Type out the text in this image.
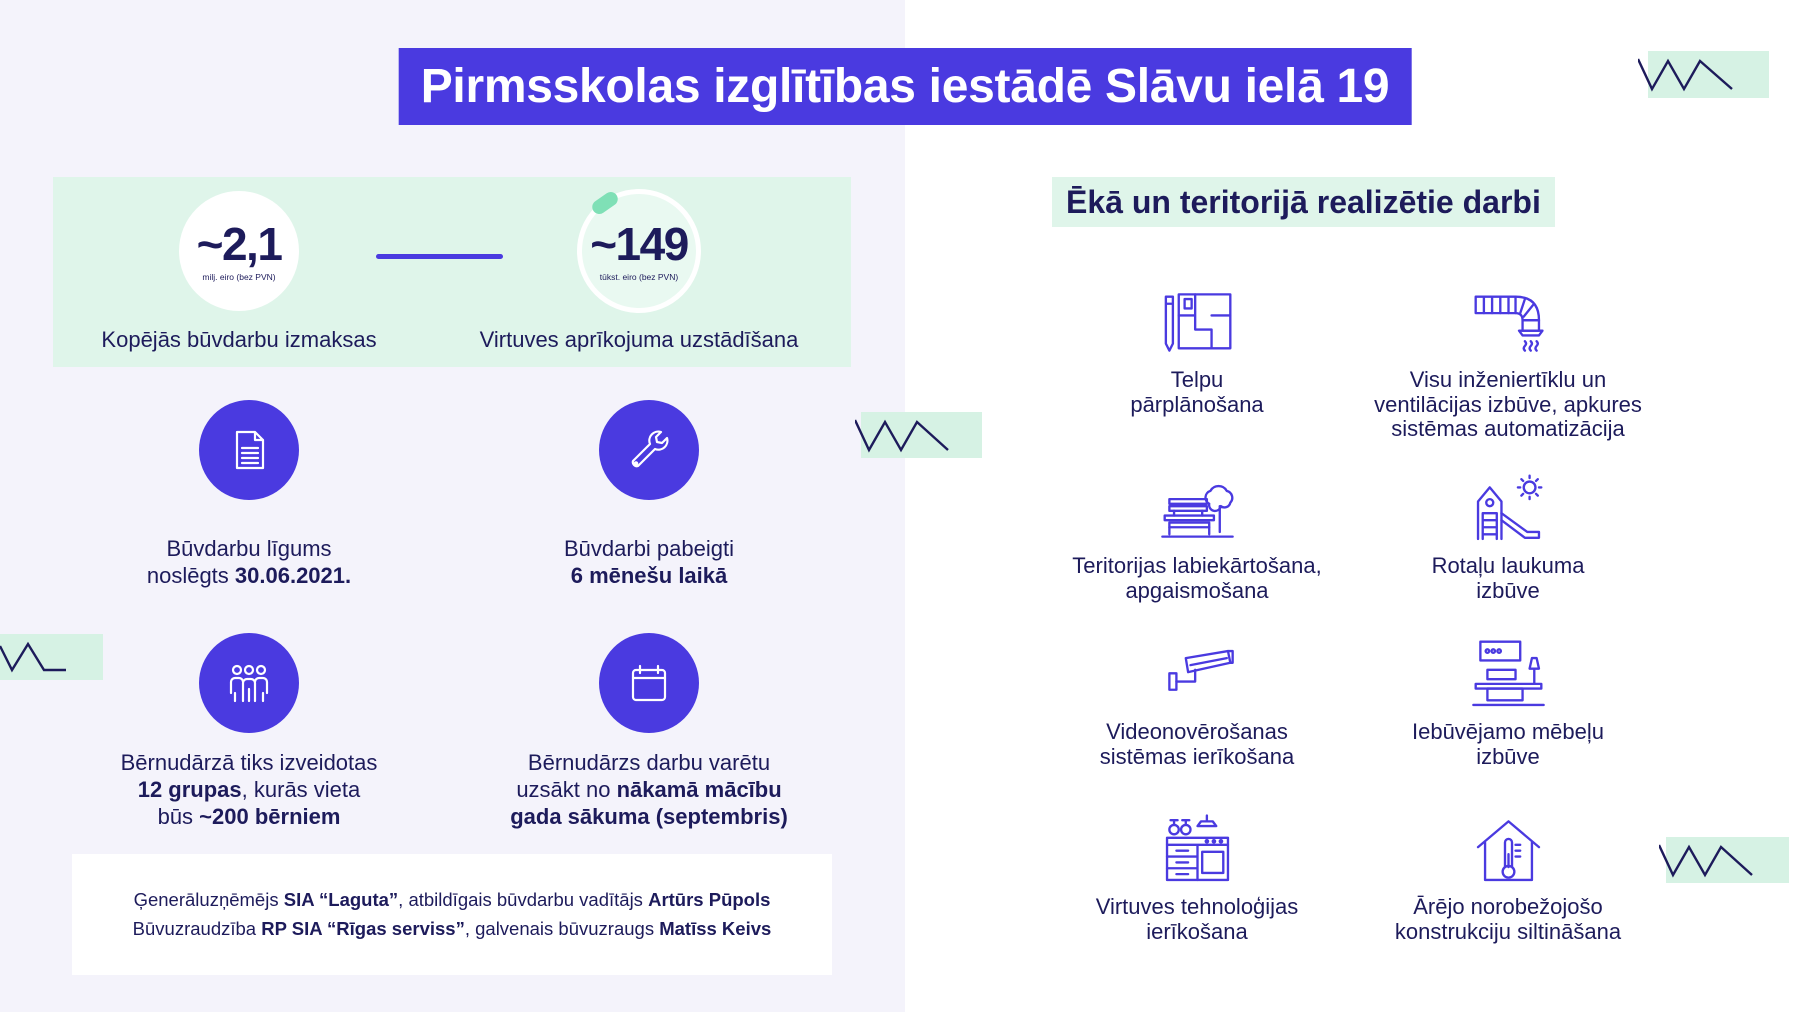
Pirmsskolas izglītības iestādē Slāvu ielā 19
~2,1
milj. eiro (bez PVN)
~149
tūkst. eiro (bez PVN)
Kopējās būvdarbu izmaksas	Virtuves aprīkojuma uzstādīšana
Būvdarbu līgums
noslēgts 30.06.2021.
Būvdarbi pabeigti
6 mēnešu laikā
Bērnudārzā tiks izveidotas
12 grupas, kurās vieta
būs ~200 bērniem
Bērnudārzs darbu varētu
uzsākt no nākamā mācību
gada sākuma (septembris)
Ģenerāluzņēmējs SIA “Laguta”, atbildīgais būvdarbu vadītājs Artūrs Pūpols
Būvuzraudzība RP SIA “Rīgas serviss”, galvenais būvuzraugs Matīss Keivs
Ēkā un teritorijā realizētie darbi
Telpu
pārplānošana
Visu inženiertīklu un
ventilācijas izbūve, apkures
sistēmas automatizācija
Teritorijas labiekārtošana,
apgaismošana
Rotaļu laukuma
izbūve
Videonovērošanas
sistēmas ierīkošana
Iebūvējamo mēbeļu
izbūve
Virtuves tehnoloģijas
ierīkošana
Ārējo norobežojošo
konstrukciju siltināšana
